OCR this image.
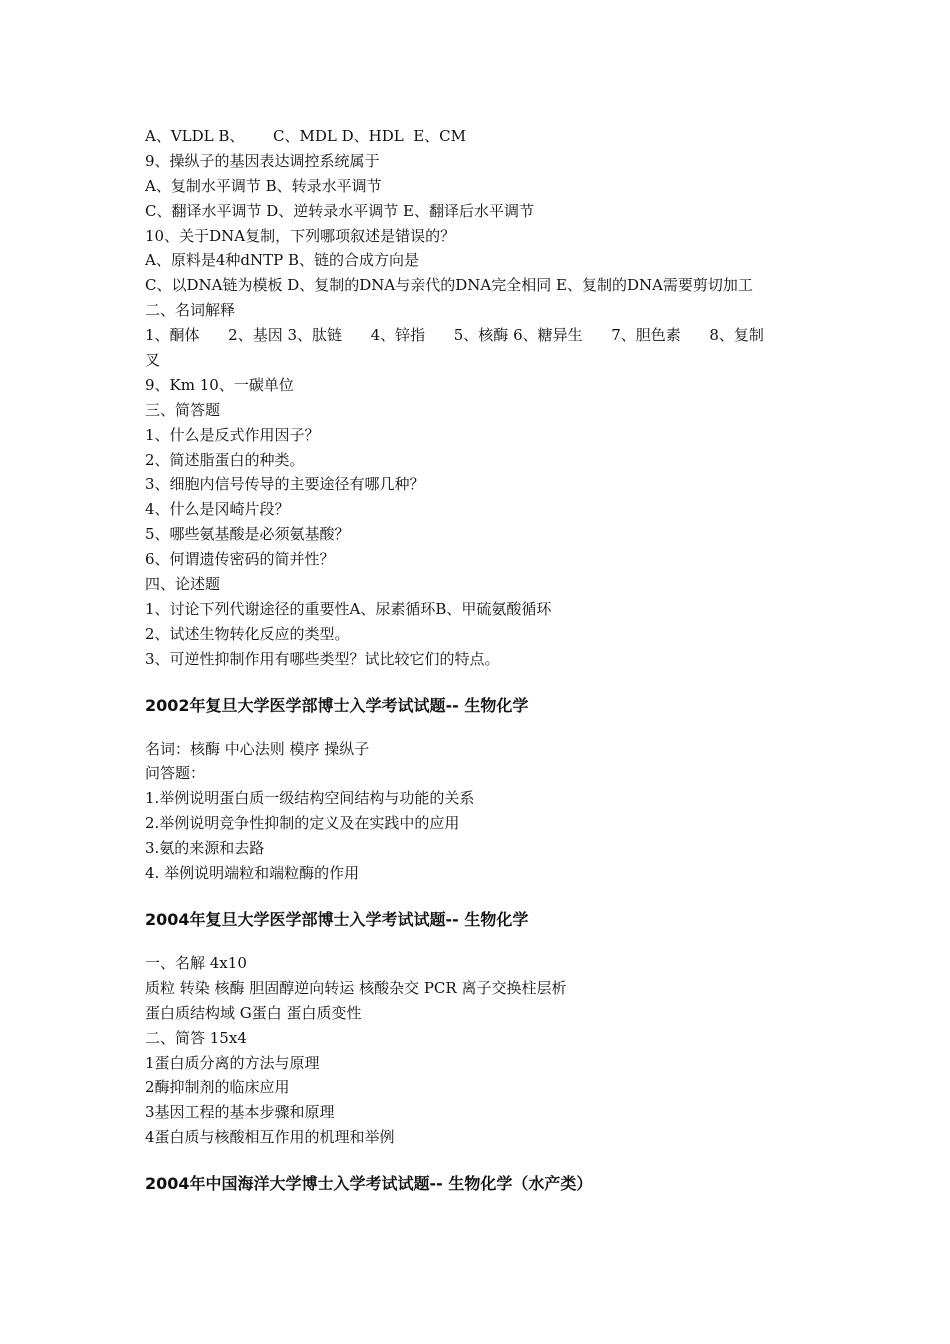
A、VLDL B、      C、MDL D、HDL  E、CM
9、操纵子的基因表达调控系统属于
A、复制水平调节 B、转录水平调节
C、翻译水平调节 D、逆转录水平调节 E、翻译后水平调节
10、关于DNA复制，下列哪项叙述是错误的？
A、原料是4种dNTP B、链的合成方向是
C、以DNA链为模板 D、复制的DNA与亲代的DNA完全相同 E、复制的DNA需要剪切加工
二、名词解释
1、酮体      2、基因 3、肽链      4、锌指      5、核酶 6、糖异生      7、胆色素      8、复制
叉
9、Km 10、一碳单位
三、简答题
1、什么是反式作用因子？
2、简述脂蛋白的种类。
3、细胞内信号传导的主要途径有哪几种？
4、什么是冈崎片段？
5、哪些氨基酸是必须氨基酸？
6、何谓遗传密码的简并性？
四、论述题
1、讨论下列代谢途径的重要性A、尿素循环B、甲硫氨酸循环
2、试述生物转化反应的类型。
3、可逆性抑制作用有哪些类型？试比较它们的特点。
2002年复旦大学医学部博士入学考试试题-- 生物化学
名词：核酶 中心法则 模序 操纵子
问答题：
1.举例说明蛋白质一级结构空间结构与功能的关系
2.举例说明竞争性抑制的定义及在实践中的应用
3.氨的来源和去路
4. 举例说明端粒和端粒酶的作用
2004年复旦大学医学部博士入学考试试题-- 生物化学
一、名解 4x10
质粒 转染 核酶 胆固醇逆向转运 核酸杂交 PCR 离子交换柱层析
蛋白质结构域 G蛋白 蛋白质变性
二、简答 15x4
1蛋白质分离的方法与原理
2酶抑制剂的临床应用
3基因工程的基本步骤和原理
4蛋白质与核酸相互作用的机理和举例
2004年中国海洋大学博士入学考试试题-- 生物化学（水产类）
